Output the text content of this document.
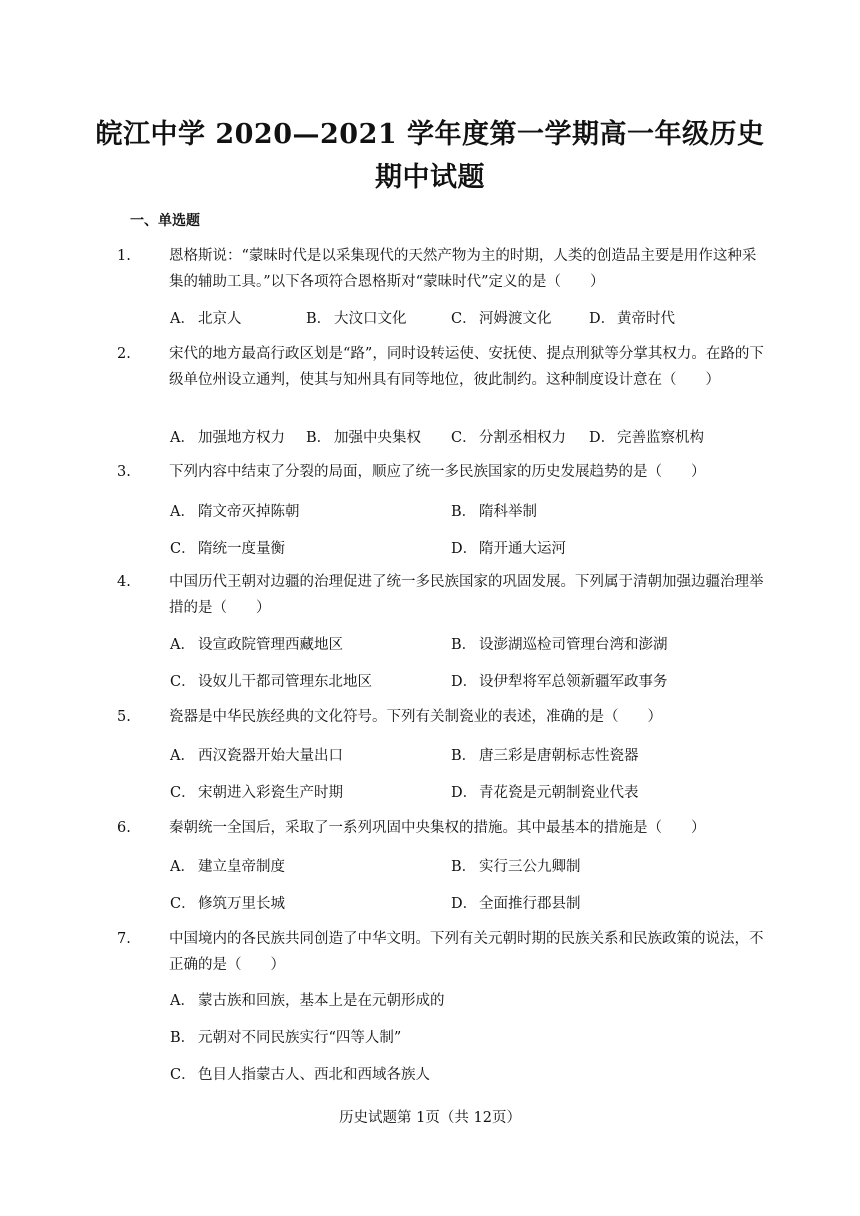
皖江中学 2020—2021 学年度第一学期高一年级历史
期中试题
一、单选题
1.	恩格斯说：“蒙昧时代是以采集现代的天然产物为主的时期，人类的创造品主要是用作这种采集的辅助工具。”以下各项符合恩格斯对“蒙昧时代”定义的是（　　）
A． 北京人	B． 大汶口文化	C． 河姆渡文化	D． 黄帝时代
2.	宋代的地方最高行政区划是“路”，同时设转运使、安抚使、提点刑狱等分掌其权力。在路的下级单位州设立通判，使其与知州具有同等地位，彼此制约。这种制度设计意在（　　）
A． 加强地方权力 B． 加强中央集权 C． 分割丞相权力 D． 完善监察机构
3.	下列内容中结束了分裂的局面，顺应了统一多民族国家的历史发展趋势的是（　　）
A． 隋文帝灭掉陈朝	B． 隋科举制
C． 隋统一度量衡	D． 隋开通大运河
4.	中国历代王朝对边疆的治理促进了统一多民族国家的巩固发展。下列属于清朝加强边疆治理举措的是（　　）
A． 设宣政院管理西藏地区	B． 设澎湖巡检司管理台湾和澎湖
C． 设奴儿干都司管理东北地区	D． 设伊犁将军总领新疆军政事务
5.	瓷器是中华民族经典的文化符号。下列有关制瓷业的表述，准确的是（　　）
A． 西汉瓷器开始大量出口	B． 唐三彩是唐朝标志性瓷器
C． 宋朝进入彩瓷生产时期	D． 青花瓷是元朝制瓷业代表
6.	秦朝统一全国后，采取了一系列巩固中央集权的措施。其中最基本的措施是（　　）
A． 建立皇帝制度	B． 实行三公九卿制
C． 修筑万里长城	D． 全面推行郡县制
7.	中国境内的各民族共同创造了中华文明。下列有关元朝时期的民族关系和民族政策的说法，不正确的是（　　）
A． 蒙古族和回族，基本上是在元朝形成的
B． 元朝对不同民族实行“四等人制”
C． 色目人指蒙古人、西北和西域各族人
历史试题第 1页（共 12页）
